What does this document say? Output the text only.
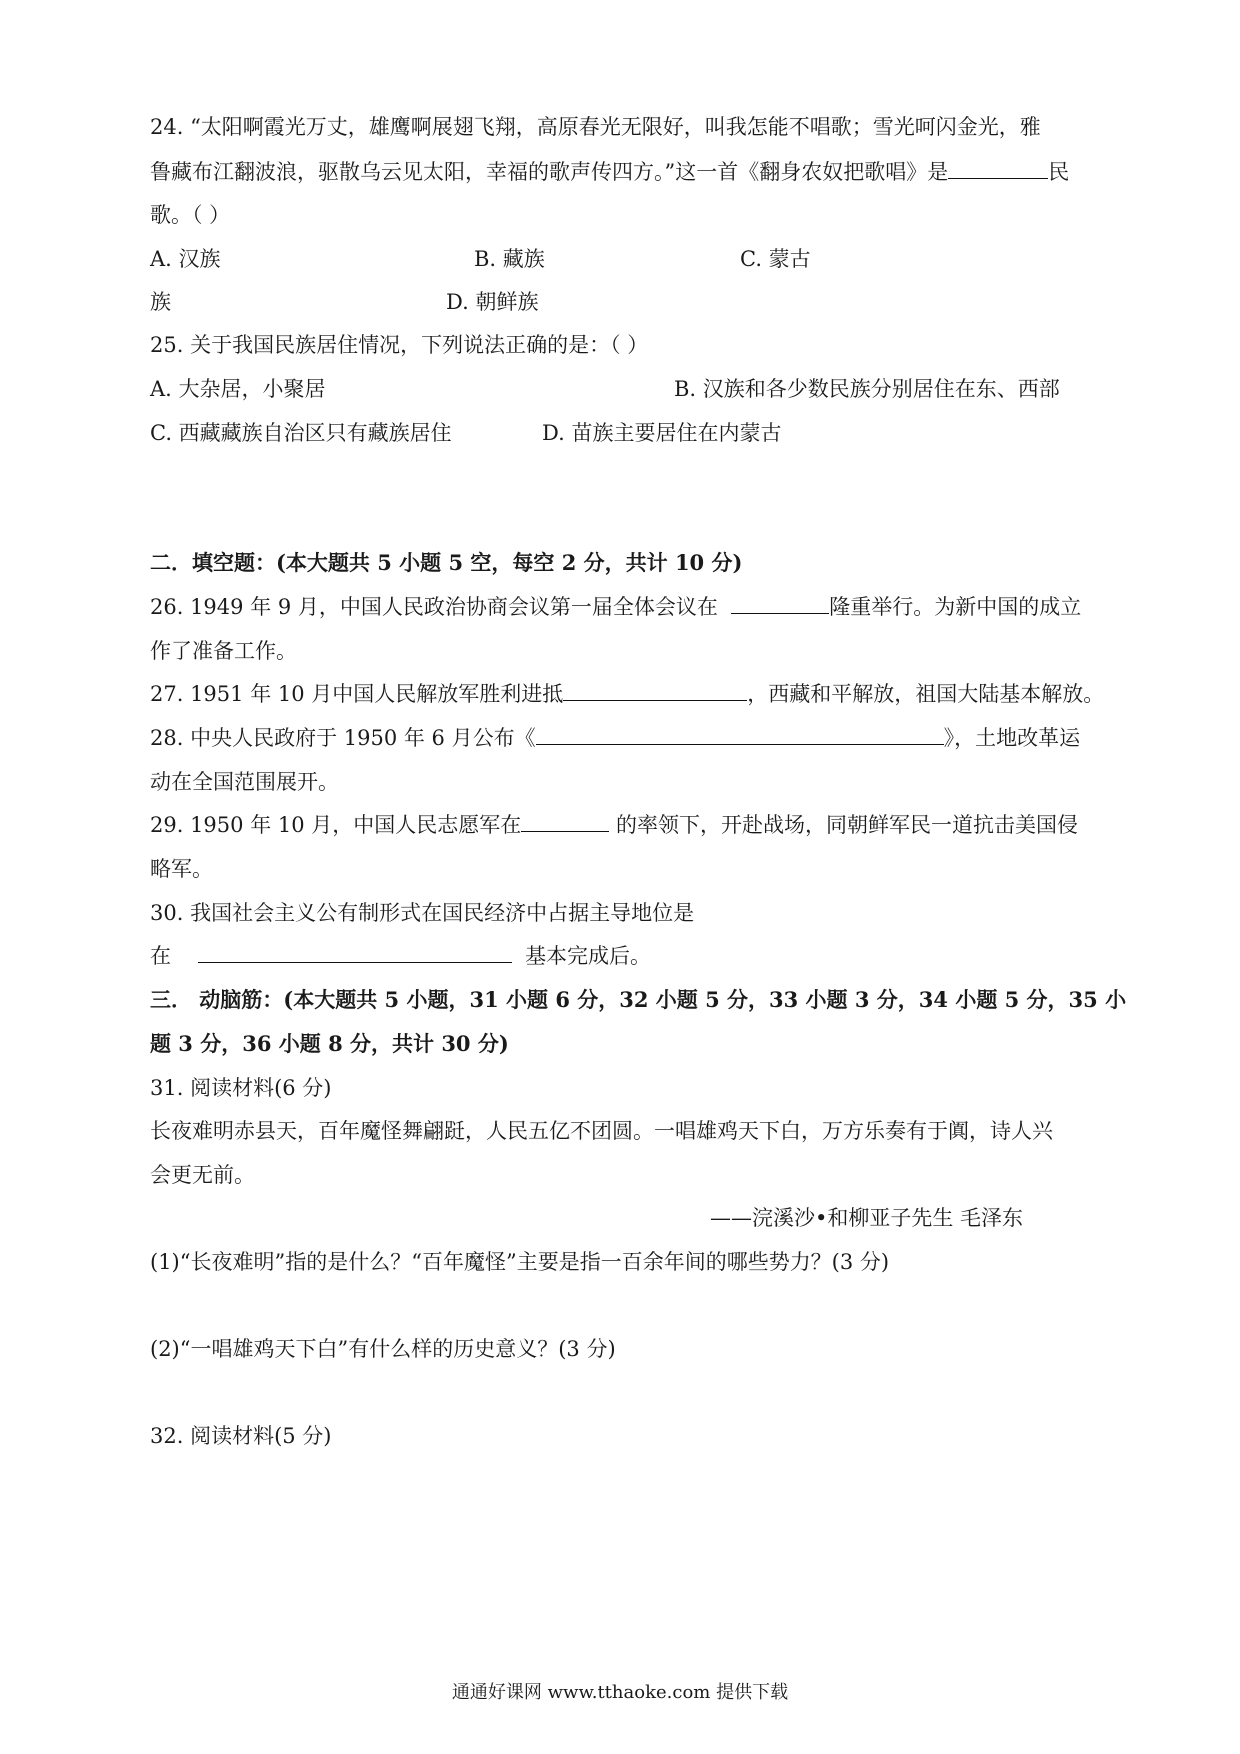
24. “太阳啊霞光万丈，雄鹰啊展翅飞翔，高原春光无限好，叫我怎能不唱歌；雪光呵闪金光，雅
鲁藏布江翻波浪，驱散乌云见太阳，幸福的歌声传四方。”这一首《翻身农奴把歌唱》是	民
歌。（ ）
A. 汉族	B. 藏族	C. 蒙古
族	D. 朝鲜族
25. 关于我国民族居住情况，下列说法正确的是：（ ）
A. 大杂居，小聚居	B. 汉族和各少数民族分别居住在东、西部
C. 西藏藏族自治区只有藏族居住	D. 苗族主要居住在内蒙古
二．填空题：(本大题共 5 小题 5 空，每空 2 分，共计 10 分)
26. 1949 年 9 月，中国人民政治协商会议第一届全体会议在	隆重举行。为新中国的成立
作了准备工作。
27. 1951 年 10 月中国人民解放军胜利进抵	，西藏和平解放，祖国大陆基本解放。
28. 中央人民政府于 1950 年 6 月公布《	》，土地改革运
动在全国范围展开。
29. 1950 年 10 月，中国人民志愿军在	的率领下，开赴战场，同朝鲜军民一道抗击美国侵
略军。
30. 我国社会主义公有制形式在国民经济中占据主导地位是
在	基本完成后。
三． 动脑筋：(本大题共 5 小题，31 小题 6 分，32 小题 5 分，33 小题 3 分，34 小题 5 分，35 小
题 3 分，36 小题 8 分，共计 30 分)
31. 阅读材料(6 分)
长夜难明赤县天，百年魔怪舞翩跹，人民五亿不团圆。一唱雄鸡天下白，万方乐奏有于阗，诗人兴
会更无前。
——浣溪沙•和柳亚子先生 毛泽东
(1)“长夜难明”指的是什么？“百年魔怪”主要是指一百余年间的哪些势力？(3 分)
(2)“一唱雄鸡天下白”有什么样的历史意义？(3 分)
32. 阅读材料(5 分)
通通好课网 www.tthaoke.com 提供下载
